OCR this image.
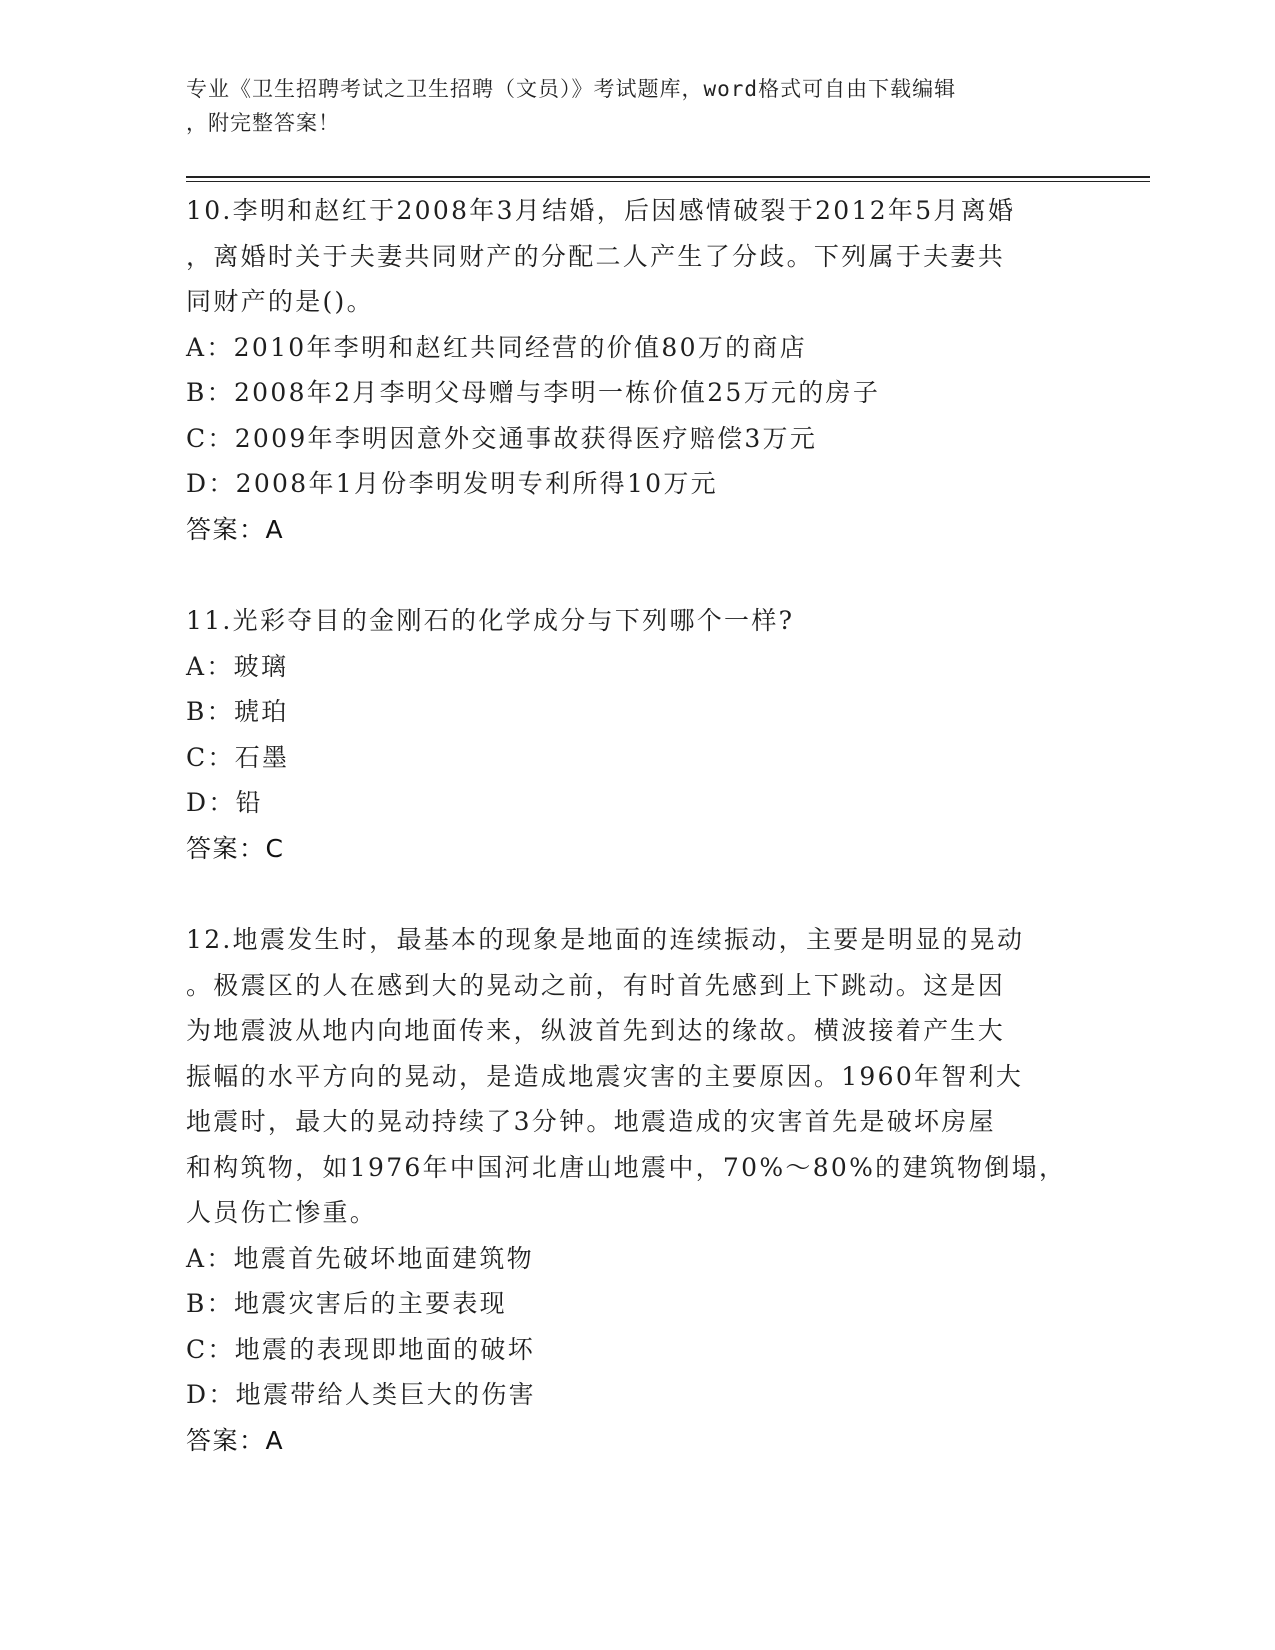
专业《卫生招聘考试之卫生招聘（文员）》考试题库，word格式可自由下载编辑
，附完整答案！

10.李明和赵红于2008年3月结婚，后因感情破裂于2012年5月离婚

，离婚时关于夫妻共同财产的分配二人产生了分歧。下列属于夫妻共

同财产的是()。

A：2010年李明和赵红共同经营的价值80万的商店

B：2008年2月李明父母赠与李明一栋价值25万元的房子

C：2009年李明因意外交通事故获得医疗赔偿3万元

D：2008年1月份李明发明专利所得10万元

答案：A

11.光彩夺目的金刚石的化学成分与下列哪个一样?

A：玻璃

B：琥珀

C：石墨

D：铅

答案：C

12.地震发生时，最基本的现象是地面的连续振动，主要是明显的晃动

。极震区的人在感到大的晃动之前，有时首先感到上下跳动。这是因

为地震波从地内向地面传来，纵波首先到达的缘故。横波接着产生大

振幅的水平方向的晃动，是造成地震灾害的主要原因。1960年智利大

地震时，最大的晃动持续了3分钟。地震造成的灾害首先是破坏房屋

和构筑物，如1976年中国河北唐山地震中，70%～80%的建筑物倒塌，

人员伤亡惨重。

A：地震首先破坏地面建筑物

B：地震灾害后的主要表现

C：地震的表现即地面的破坏

D：地震带给人类巨大的伤害

答案：A
